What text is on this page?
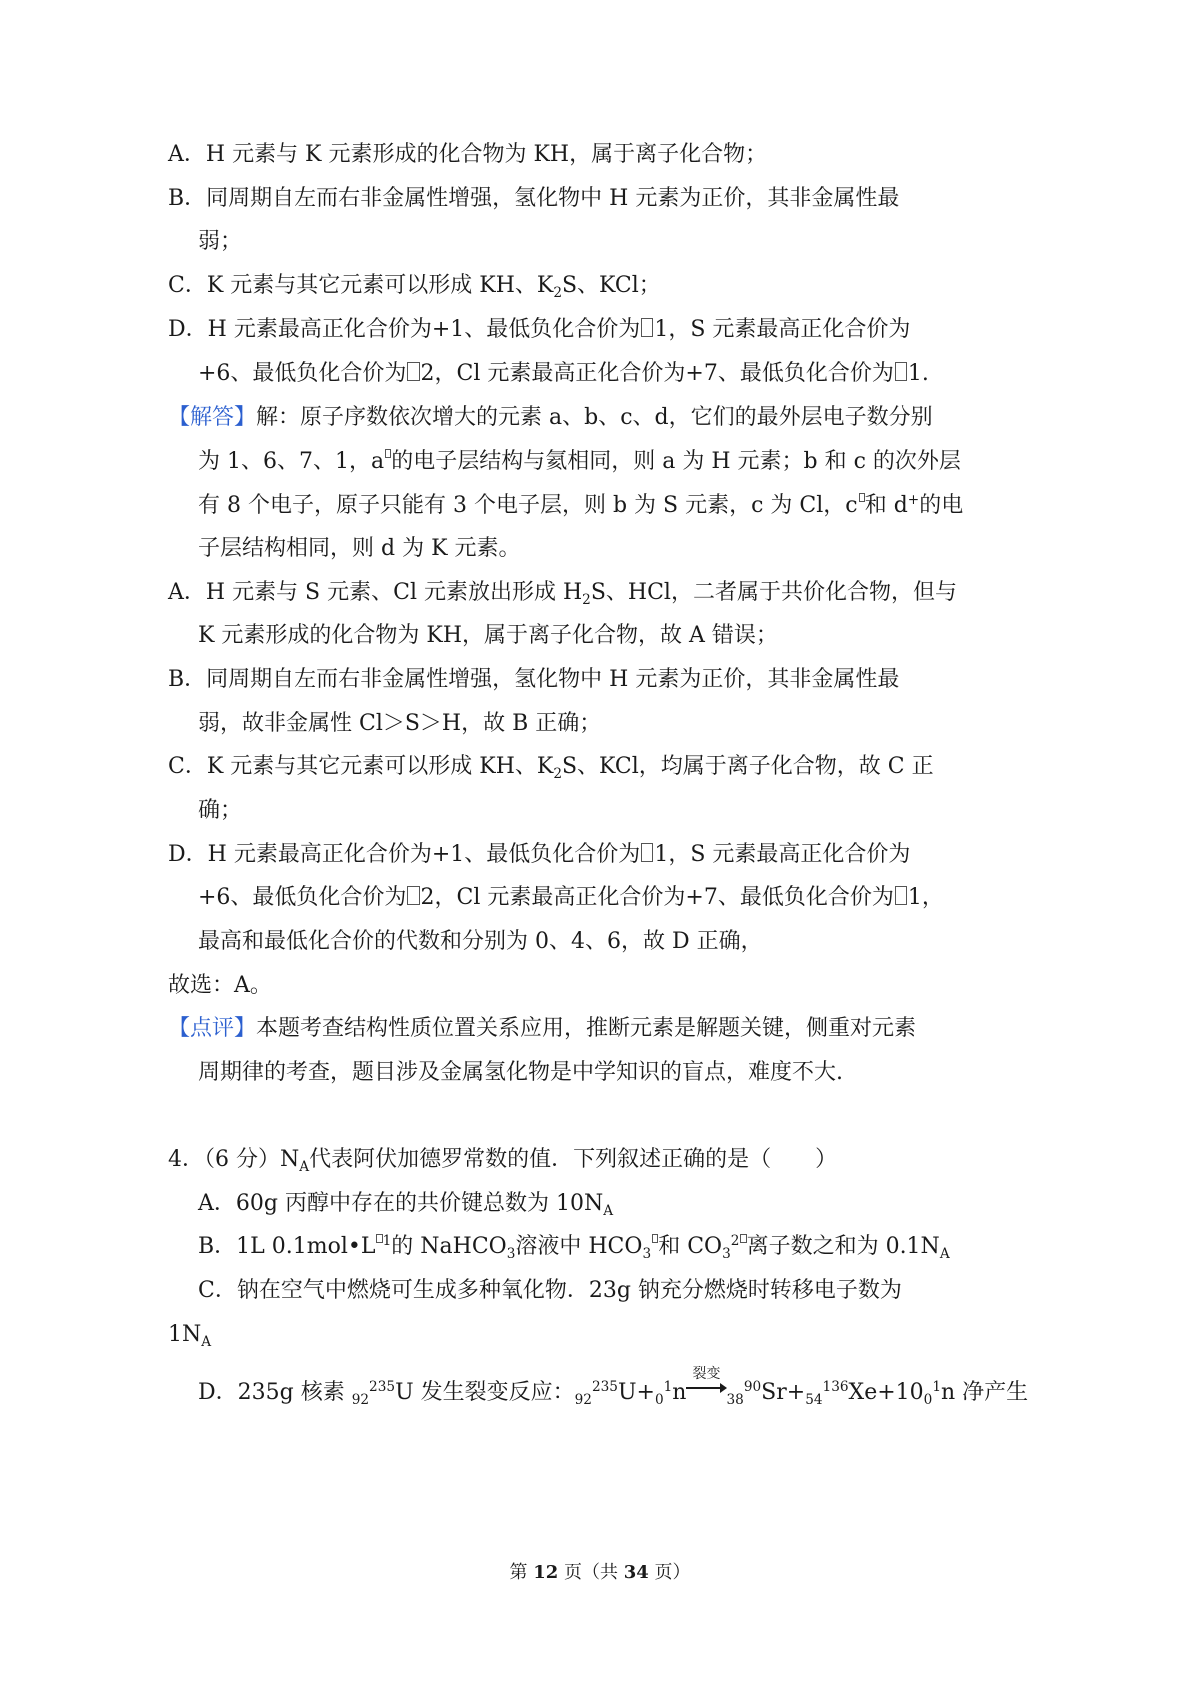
A．H 元素与 K 元素形成的化合物为 KH，属于离子化合物；
B．同周期自左而右非金属性增强，氢化物中 H 元素为正价，其非金属性最
弱；
C．K 元素与其它元素可以形成 KH、$K_2S$、KCl；
D．H 元素最高正化合价为+1、最低负化合价为 1，S 元素最高正化合价为
+6、最低负化合价为 2，Cl 元素最高正化合价为+7、最低负化合价为 1.
【解答】解：原子序数依次增大的元素 a、b、c、d，它们的最外层电子数分别
为 1、6、7、1，a 的电子层结构与氦相同，则 a 为 H 元素；b 和 c 的次外层
有 8 个电子，原子只能有 3 个电子层，则 b 为 S 元素，c 为 Cl，c 和 d+的电
子层结构相同，则 d 为 K 元素。
A．H 元素与 S 元素、Cl 元素放出形成 $H_2S$、HCl，二者属于共价化合物，但与
K 元素形成的化合物为 KH，属于离子化合物，故 A 错误；
B．同周期自左而右非金属性增强，氢化物中 H 元素为正价，其非金属性最
弱，故非金属性 Cl＞S＞H，故 B 正确；
C．K 元素与其它元素可以形成 KH、$K_2S$、KCl，均属于离子化合物，故 C 正
确；
D．H 元素最高正化合价为+1、最低负化合价为 1，S 元素最高正化合价为
+6、最低负化合价为 2，Cl 元素最高正化合价为+7、最低负化合价为 1，
最高和最低化合价的代数和分别为 0、4、6，故 D 正确，
故选：A。
【点评】本题考查结构性质位置关系应用，推断元素是解题关键，侧重对元素
周期律的考查，题目涉及金属氢化物是中学知识的盲点，难度不大.
4．（6 分）$N_A$代表阿伏加德罗常数的值．下列叙述正确的是（　　）
A．60g 丙醇中存在的共价键总数为 $10N_A$
B．1L 0.1mol•L $^1$的 NaHCO$_3$溶液中 $HCO_3$ 和 $CO_3^2$ 离子数之和为 $0.1N_A$
C．钠在空气中燃烧可生成多种氧化物．23g 钠充分燃烧时转移电子数为
$1N_A$
D．235g 核素 $_{92}^{235}$U 发生裂变反应：$_{92}^{235}U+_0^1n$
裂变
$_{38}^{90}Sr+_{54}^{136}Xe+10_0^1n$ 净产生
第 12 页（共 34 页）
